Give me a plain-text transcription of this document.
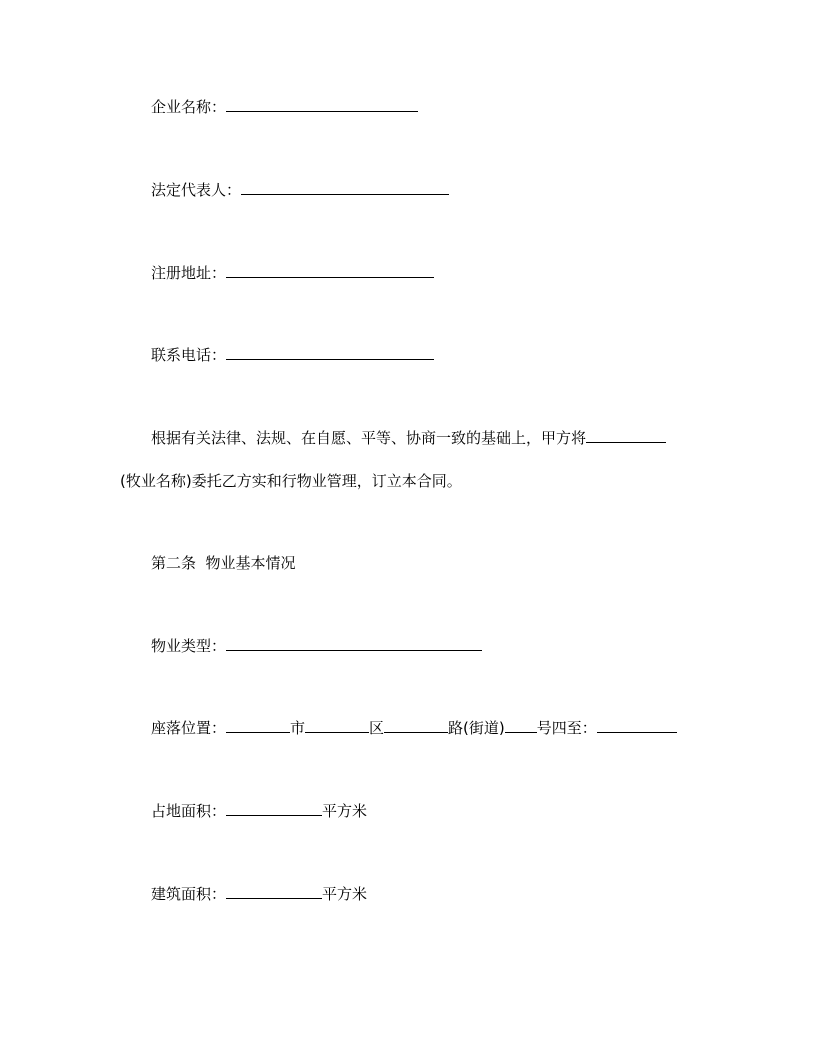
企业名称：
法定代表人：
注册地址：
联系电话：
根据有关法律、法规、在自愿、平等、协商一致的基础上，甲方将
(牧业名称)委托乙方实和行物业管理，订立本合同。
第二条  物业基本情况
物业类型：
座落位置：	市	区	路(街道) 号四至：
占地面积：	平方米
建筑面积：	平方米
